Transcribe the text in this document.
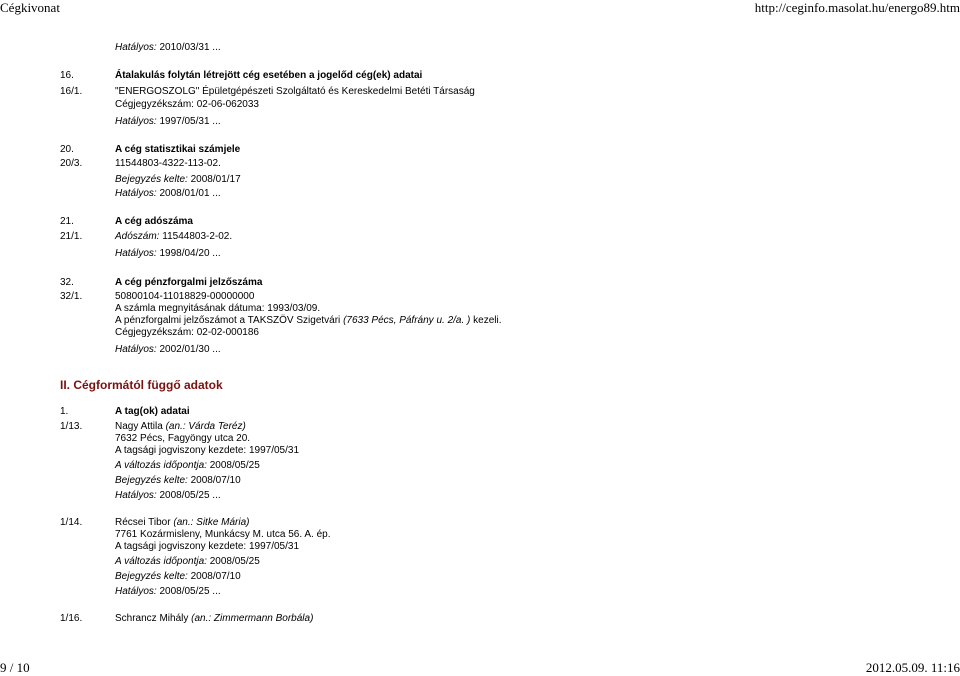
Cégkivonat	http://ceginfo.masolat.hu/energo89.htm
Hatályos: 2010/03/31 ...
16.	Átalakulás folytán létrejött cég esetében a jogelőd cég(ek) adatai
16/1.	"ENERGOSZOLG" Épületgépészeti Szolgáltató és Kereskedelmi Betéti Társaság
Cégjegyzékszám: 02-06-062033
Hatályos: 1997/05/31 ...
20.	A cég statisztikai számjele
20/3.	11544803-4322-113-02.
Bejegyzés kelte: 2008/01/17
Hatályos: 2008/01/01 ...
21.	A cég adószáma
21/1.	Adószám: 11544803-2-02.
Hatályos: 1998/04/20 ...
32.	A cég pénzforgalmi jelzőszáma
32/1.	50800104-11018829-00000000
A számla megnyitásának dátuma: 1993/03/09.
A pénzforgalmi jelzőszámot a TAKSZÖV Szigetvári (7633 Pécs, Páfrány u. 2/a. ) kezeli.
Cégjegyzékszám: 02-02-000186
Hatályos: 2002/01/30 ...
II. Cégformától függő adatok
1.	A tag(ok) adatai
1/13.	Nagy Attila (an.: Várda Teréz)
7632 Pécs, Fagyöngy utca 20.
A tagsági jogviszony kezdete: 1997/05/31
A változás időpontja: 2008/05/25
Bejegyzés kelte: 2008/07/10
Hatályos: 2008/05/25 ...
1/14.	Récsei Tibor (an.: Sitke Mária)
7761 Kozármisleny, Munkácsy M. utca 56. A. ép.
A tagsági jogviszony kezdete: 1997/05/31
A változás időpontja: 2008/05/25
Bejegyzés kelte: 2008/07/10
Hatályos: 2008/05/25 ...
1/16.	Schrancz Mihály (an.: Zimmermann Borbála)
9 / 10	2012.05.09. 11:16
